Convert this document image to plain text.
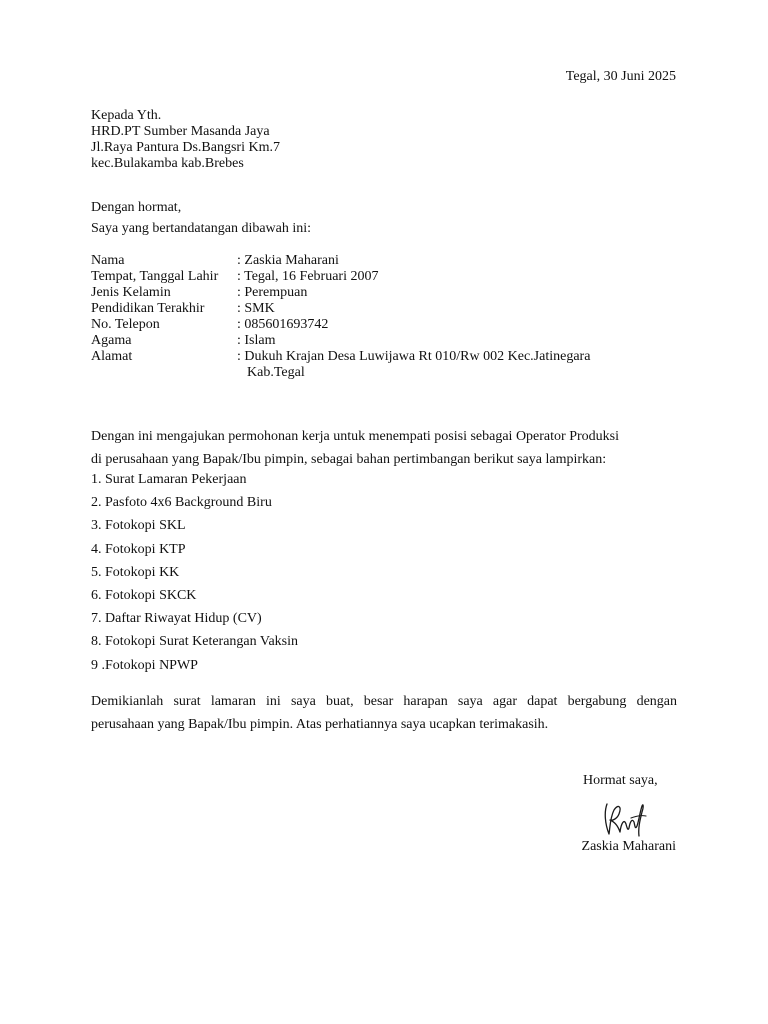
Tegal, 30 Juni 2025
Kepada Yth.
HRD.PT Sumber Masanda Jaya
Jl.Raya Pantura Ds.Bangsri Km.7
kec.Bulakamba kab.Brebes
Dengan hormat,
Saya yang bertandatangan dibawah ini:
Nama	: Zaskia Maharani
Tempat, Tanggal Lahir	: Tegal, 16 Februari 2007
Jenis Kelamin	: Perempuan
Pendidikan Terakhir	: SMK
No. Telepon	: 085601693742
Agama	: Islam
Alamat	: Dukuh Krajan Desa Luwijawa Rt 010/Rw 002 Kec.Jatinegara
Kab.Tegal
Dengan ini mengajukan permohonan kerja untuk menempati posisi sebagai Operator Produksi
di perusahaan yang Bapak/Ibu pimpin, sebagai bahan pertimbangan berikut saya lampirkan:
1. Surat Lamaran Pekerjaan
2. Pasfoto 4x6 Background Biru
3. Fotokopi SKL
4. Fotokopi KTP
5. Fotokopi KK
6. Fotokopi SKCK
7. Daftar Riwayat Hidup (CV)
8. Fotokopi Surat Keterangan Vaksin
9 .Fotokopi NPWP
Demikianlah surat lamaran ini saya buat, besar harapan saya agar dapat bergabung dengan
perusahaan yang Bapak/Ibu pimpin. Atas perhatiannya saya ucapkan terimakasih.
Hormat saya,
Zaskia Maharani
